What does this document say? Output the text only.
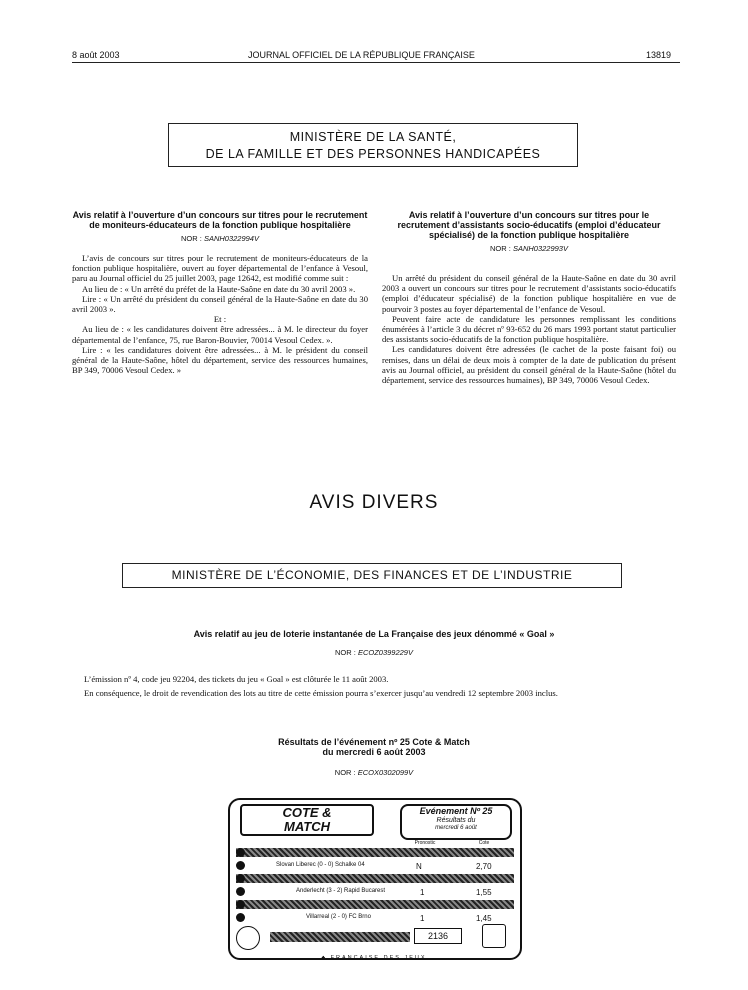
8 août 2003	JOURNAL OFFICIEL DE LA RÉPUBLIQUE FRANÇAISE	13819
MINISTÈRE DE LA SANTÉ,
DE LA FAMILLE ET DES PERSONNES HANDICAPÉES
Avis relatif à l’ouverture d’un concours sur titres pour le recrutement de moniteurs-éducateurs de la fonction publique hospitalière
NOR : SANH0322994V

L’avis de concours sur titres pour le recrutement de moniteurs-éducateurs de la fonction publique hospitalière, ouvert au foyer départemental de l’enfance à Vesoul, paru au Journal officiel du 25 juillet 2003, page 12642, est modifié comme suit :

Au lieu de : « Un arrêté du préfet de la Haute-Saône en date du 30 avril 2003 ».

Lire : « Un arrêté du président du conseil général de la Haute-Saône en date du 30 avril 2003 ».

Et :

Au lieu de : « les candidatures doivent être adressées... à M. le directeur du foyer départemental de l’enfance, 75, rue Baron-Bouvier, 70014 Vesoul Cedex. ».

Lire : « les candidatures doivent être adressées... à M. le président du conseil général de la Haute-Saône, hôtel du département, service des ressources humaines, BP 349, 70006 Vesoul Cedex. »

Avis relatif à l’ouverture d’un concours sur titres pour le recrutement d’assistants socio-éducatifs (emploi d’éducateur spécialisé) de la fonction publique hospitalière
NOR : SANH0322993V

Un arrêté du président du conseil général de la Haute-Saône en date du 30 avril 2003 a ouvert un concours sur titres pour le recrutement d’assistants socio-éducatifs (emploi d’éducateur spécialisé) de la fonction publique hospitalière en vue de pourvoir 3 postes au foyer départemental de l’enfance de Vesoul.

Peuvent faire acte de candidature les personnes remplissant les conditions énumérées à l’article 3 du décret nº 93-652 du 26 mars 1993 portant statut particulier des assistants socio-éducatifs de la fonction publique hospitalière.

Les candidatures doivent être adressées (le cachet de la poste faisant foi) ou remises, dans un délai de deux mois à compter de la date de publication du présent avis au Journal officiel, au président du conseil général de la Haute-Saône (hôtel du département, service des ressources humaines), BP 349, 70006 Vesoul Cedex.

AVIS DIVERS
MINISTÈRE DE L’ÉCONOMIE, DES FINANCES ET DE L’INDUSTRIE
Avis relatif au jeu de loterie instantanée de La Française des jeux dénommé « Goal »
NOR : ECOZ0399229V
L’émission nº 4, code jeu 92204, des tickets du jeu « Goal » est clôturée le 11 août 2003.
En conséquence, le droit de revendication des lots au titre de cette émission pourra s’exercer jusqu’au vendredi 12 septembre 2003 inclus.
Résultats de l’événement nº 25 Cote & Match
du mercredi 6 août 2003
NOR : ECOX0302099V
COTE &
MATCH
Evénement Nº 25
Résultats du
mercredi 6 août
Pronostic	Cote
Slovan Liberec (0 - 0) Schalke 04	N	2,70
Anderlecht (3 - 2) Rapid Bucarest	1	1,55
Villarreal (2 - 0) FC Brno	1	1,45
2136
♣ FRANÇAISE DES JEUX
